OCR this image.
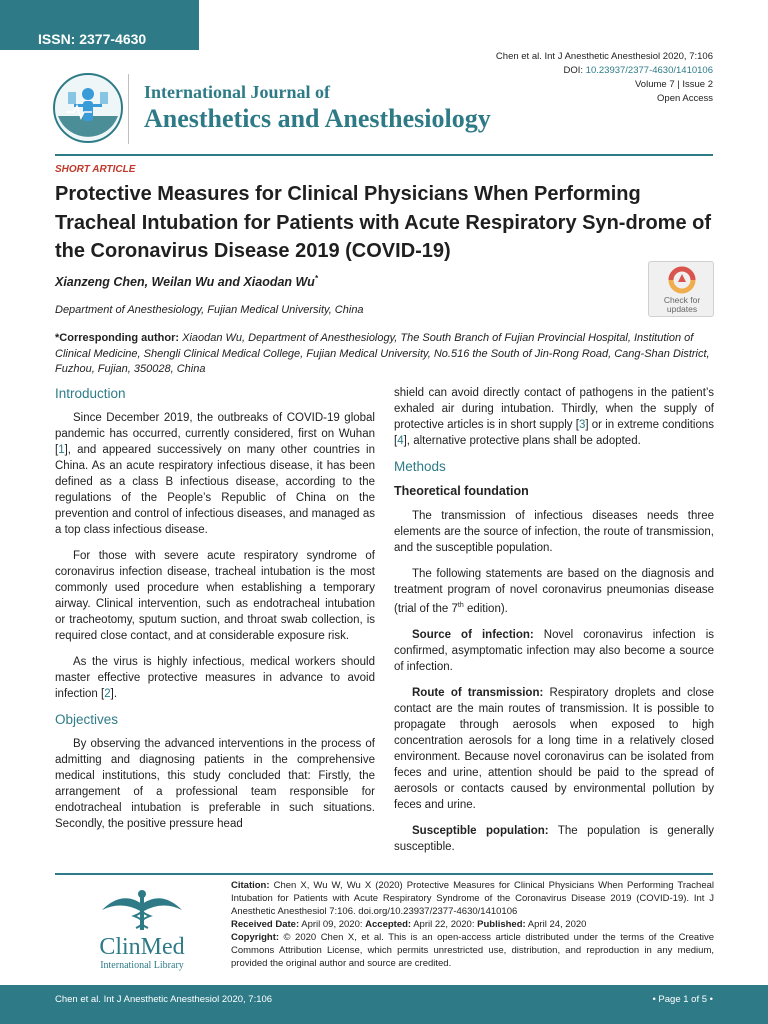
ISSN: 2377-4630
Chen et al. Int J Anesthetic Anesthesiol 2020, 7:106
DOI: 10.23937/2377-4630/1410106
Volume 7 | Issue 2
Open Access
International Journal of
Anesthetics and Anesthesiology
SHORT ARTICLE
Protective Measures for Clinical Physicians When Performing Tracheal Intubation for Patients with Acute Respiratory Syn-drome of the Coronavirus Disease 2019 (COVID-19)
Xianzeng Chen, Weilan Wu and Xiaodan Wu*
Department of Anesthesiology, Fujian Medical University, China
*Corresponding author: Xiaodan Wu, Department of Anesthesiology, The South Branch of Fujian Provincial Hospital, Institution of Clinical Medicine, Shengli Clinical Medical College, Fujian Medical University, No.516 the South of Jin-Rong Road, Cang-Shan District, Fuzhou, Fujian, 350028, China
Check for
updates
Introduction

Since December 2019, the outbreaks of COVID-19 global pandemic has occurred, currently considered, first on Wuhan [1], and appeared successively on many other countries in China. As an acute respiratory infectious disease, it has been defined as a class B infectious disease, according to the regulations of the People’s Republic of China on the prevention and control of infectious diseases, and managed as a top class infectious disease.

For those with severe acute respiratory syndrome of coronavirus infection disease, tracheal intubation is the most commonly used procedure when establishing a temporary airway. Clinical intervention, such as endotracheal intubation or tracheotomy, sputum suction, and throat swab collection, is required close contact, and at considerable exposure risk.

As the virus is highly infectious, medical workers should master effective protective measures in advance to avoid infection [2].

Objectives

By observing the advanced interventions in the process of admitting and diagnosing patients in the comprehensive medical institutions, this study concluded that: Firstly, the arrangement of a professional team responsible for endotracheal intubation is preferable in such situations. Secondly, the positive pressure head

shield can avoid directly contact of pathogens in the patient’s exhaled air during intubation. Thirdly, when the supply of protective articles is in short supply [3] or in extreme conditions [4], alternative protective plans shall be adopted.

Methods
Theoretical foundation

The transmission of infectious diseases needs three elements are the source of infection, the route of transmission, and the susceptible population.

The following statements are based on the diagnosis and treatment program of novel coronavirus pneumonias disease (trial of the 7th edition).

Source of infection: Novel coronavirus infection is confirmed, asymptomatic infection may also become a source of infection.

Route of transmission: Respiratory droplets and close contact are the main routes of transmission. It is possible to propagate through aerosols when exposed to high concentration aerosols for a long time in a relatively closed environment. Because novel coronavirus can be isolated from feces and urine, attention should be paid to the spread of aerosols or contacts caused by environmental pollution by feces and urine.

Susceptible population: The population is generally susceptible.

ClinMed
International Library

Citation: Chen X, Wu W, Wu X (2020) Protective Measures for Clinical Physicians When Performing Tracheal Intubation for Patients with Acute Respiratory Syndrome of the Coronavirus Disease 2019 (COVID-19). Int J Anesthetic Anesthesiol 7:106. doi.org/10.23937/2377-4630/1410106

Received Date: April 09, 2020: Accepted: April 22, 2020: Published: April 24, 2020

Copyright: © 2020 Chen X, et al. This is an open-access article distributed under the terms of the Creative Commons Attribution License, which permits unrestricted use, distribution, and reproduction in any medium, provided the original author and source are credited.

Chen et al. Int J Anesthetic Anesthesiol 2020, 7:106	• Page 1 of 5 •
